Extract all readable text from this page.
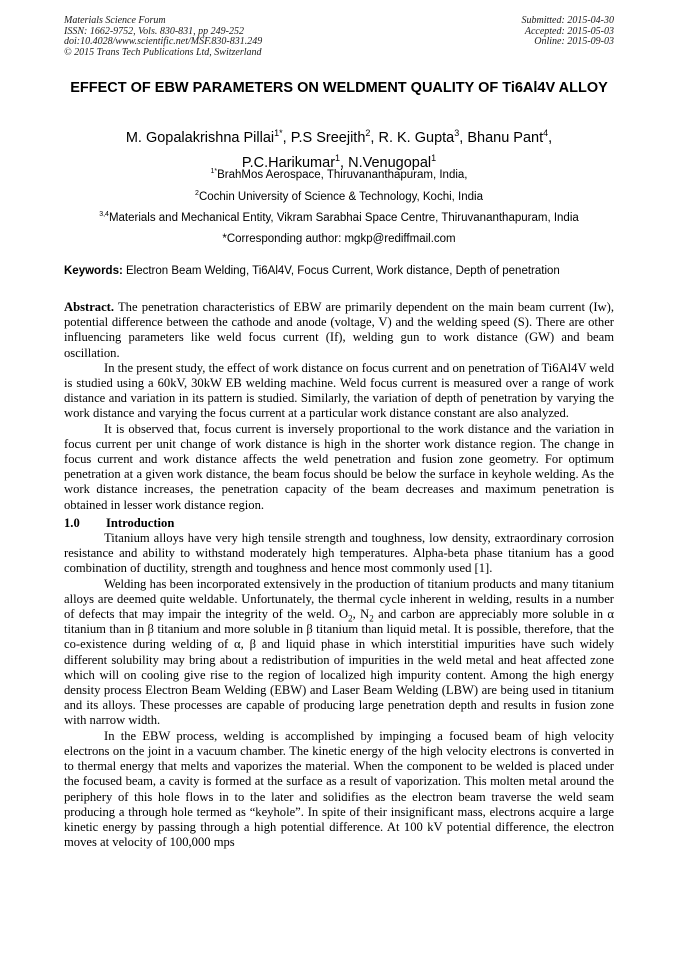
Materials Science Forum
ISSN: 1662-9752, Vols. 830-831, pp 249-252
doi:10.4028/www.scientific.net/MSF.830-831.249
© 2015 Trans Tech Publications Ltd, Switzerland
Submitted: 2015-04-30
Accepted: 2015-05-03
Online: 2015-09-03
EFFECT OF EBW PARAMETERS ON WELDMENT QUALITY OF Ti6Al4V ALLOY
M. Gopalakrishna Pillai$^{1*}$, P.S Sreejith$^2$, R. K. Gupta$^3$, Bhanu Pant$^4$,
P.C.Harikumar$^1$, N.Venugopal$^1$
$^{1*}$BrahMos Aerospace, Thiruvananthapuram, India,
$^2$Cochin University of Science & Technology, Kochi, India
$^{3,4}$Materials and Mechanical Entity, Vikram Sarabhai Space Centre, Thiruvananthapuram, India
*Corresponding author: mgkp@rediffmail.com
Keywords: Electron Beam Welding, Ti6Al4V, Focus Current, Work distance, Depth of penetration

Abstract. The penetration characteristics of EBW are primarily dependent on the main beam current (Iw), potential difference between the cathode and anode (voltage, V) and the welding speed (S). There are other influencing parameters like weld focus current (If), welding gun to work distance (GW) and beam oscillation.

In the present study, the effect of work distance on focus current and on penetration of Ti6Al4V weld is studied using a 60kV, 30kW EB welding machine. Weld focus current is measured over a range of work distance and variation in its pattern is studied. Similarly, the variation of depth of penetration by varying the work distance and varying the focus current at a particular work distance constant are also analyzed.

It is observed that, focus current is inversely proportional to the work distance and the variation in focus current per unit change of work distance is high in the shorter work distance region. The change in focus current and work distance affects the weld penetration and fusion zone geometry. For optimum penetration at a given work distance, the beam focus should be below the surface in keyhole welding. As the work distance increases, the penetration capacity of the beam decreases and maximum penetration is obtained in lesser work distance region.

1.0	Introduction

Titanium alloys have very high tensile strength and toughness, low density, extraordinary corrosion resistance and ability to withstand moderately high temperatures. Alpha-beta phase titanium has a good combination of ductility, strength and toughness and hence most commonly used [1].

Welding has been incorporated extensively in the production of titanium products and many titanium alloys are deemed quite weldable. Unfortunately, the thermal cycle inherent in welding, results in a number of defects that may impair the integrity of the weld. $O_2$, $N_2$ and carbon are appreciably more soluble in α titanium than in β titanium and more soluble in β titanium than liquid metal. It is possible, therefore, that the co-existence during welding of α, β and liquid phase in which interstitial impurities have such widely different solubility may bring about a redistribution of impurities in the weld metal and heat affected zone which will on cooling give rise to the region of localized high impurity content. Among the high energy density process Electron Beam Welding (EBW) and Laser Beam Welding (LBW) are being used in titanium and its alloys. These processes are capable of producing large penetration depth and results in fusion zone with narrow width.

In the EBW process, welding is accomplished by impinging a focused beam of high velocity electrons on the joint in a vacuum chamber. The kinetic energy of the high velocity electrons is converted in to thermal energy that melts and vaporizes the material. When the component to be welded is placed under the focused beam, a cavity is formed at the surface as a result of vaporization. This molten metal around the periphery of this hole flows in to the later and solidifies as the electron beam traverse the weld seam producing a through hole termed as “keyhole”. In spite of their insignificant mass, electrons acquire a large kinetic energy by passing through a high potential difference. At 100 kV potential difference, the electron moves at velocity of 100,000 mps
